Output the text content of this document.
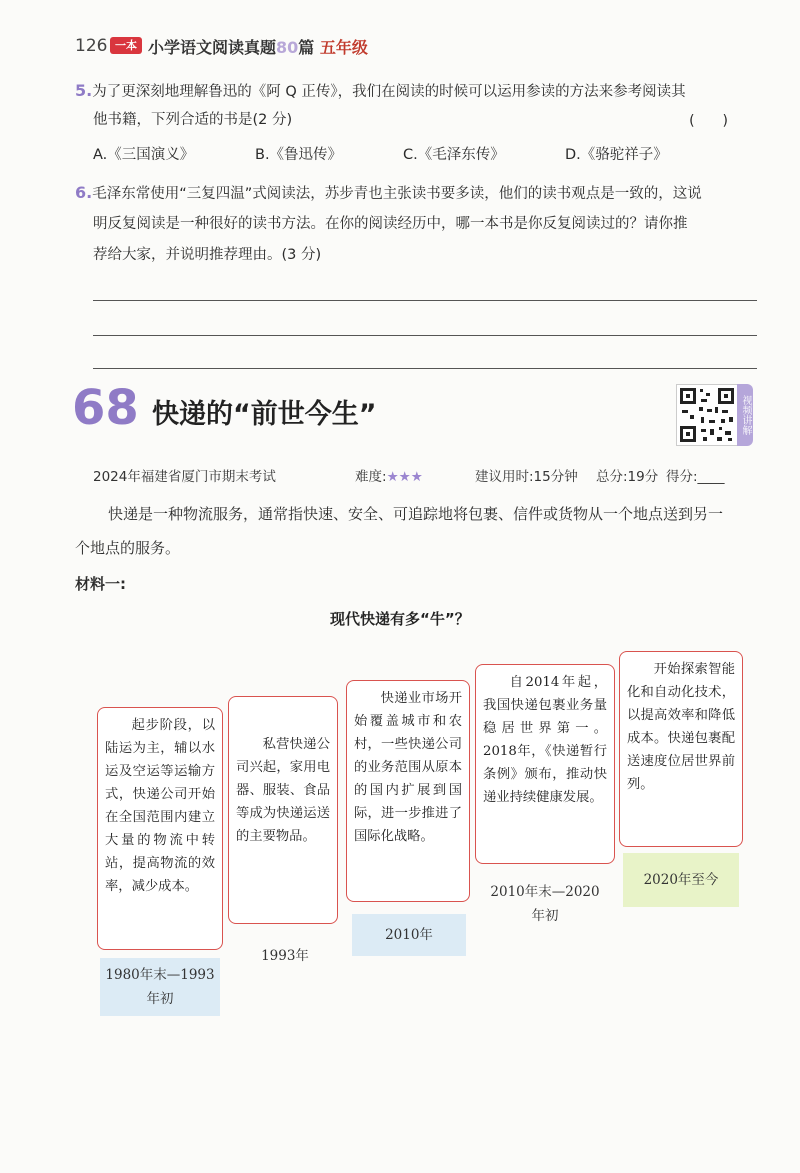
126 一本 小学语文阅读真题80篇 五年级
5.为了更深刻地理解鲁迅的《阿 Q 正传》，我们在阅读的时候可以运用参读的方法来参考阅读其
他书籍，下列合适的书是(2 分)	(　　)
A.《三国演义》	B.《鲁迅传》	C.《毛泽东传》	D.《骆驼祥子》
6.毛泽东常使用“三复四温”式阅读法，苏步青也主张读书要多读，他们的读书观点是一致的，这说
明反复阅读是一种很好的读书方法。在你的阅读经历中，哪一本书是你反复阅读过的？请你推
荐给大家，并说明推荐理由。(3 分)
68 快递的“前世今生”	视频讲解
2024年福建省厦门市期末考试	难度:★★★	建议用时:15分钟 总分:19分 得分:____
快递是一种物流服务，通常指快速、安全、可追踪地将包裹、信件或货物从一个地点送到另一
个地点的服务。
材料一:
现代快递有多“牛”？
起步阶段，以陆运为主，辅以水运及空运等运输方式，快递公司开始在全国范围内建立大量的物流中转站，提高物流的效率，减少成本。
1980年末—1993年初
私营快递公司兴起，家用电器、服装、食品等成为快递运送的主要物品。
1993年
快递业市场开始覆盖城市和农村，一些快递公司的业务范围从原本的国内扩展到国际，进一步推进了国际化战略。
2010年
自2014年起，我国快递包裹业务量稳居世界第一。2018年，《快递暂行条例》颁布，推动快递业持续健康发展。
2010年末—2020年初
开始探索智能化和自动化技术，以提高效率和降低成本。快递包裹配送速度位居世界前列。
2020年至今
